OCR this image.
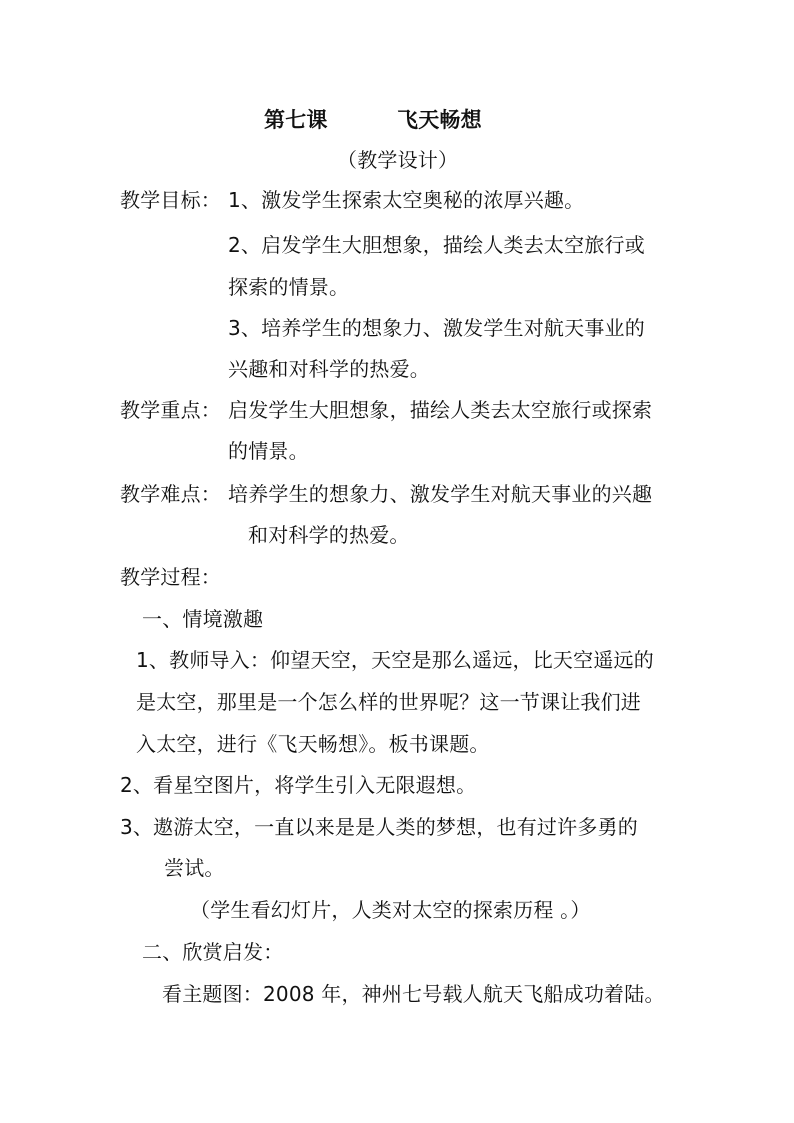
第七课	飞天畅想
（教学设计）
教学目标： 1、激发学生探索太空奥秘的浓厚兴趣。
2、启发学生大胆想象，描绘人类去太空旅行或
探索的情景。
3、培养学生的想象力、激发学生对航天事业的
兴趣和对科学的热爱。
教学重点： 启发学生大胆想象，描绘人类去太空旅行或探索
的情景。
教学难点： 培养学生的想象力、激发学生对航天事业的兴趣
和对科学的热爱。
教学过程：
一、情境激趣
1、教师导入：仰望天空，天空是那么遥远，比天空遥远的
是太空，那里是一个怎么样的世界呢？这一节课让我们进
入太空，进行《飞天畅想》。板书课题。
2、看星空图片，将学生引入无限遐想。
3、遨游太空，一直以来是是人类的梦想，也有过许多勇的
尝试。
（学生看幻灯片，人类对太空的探索历程 。）
二、欣赏启发：
看主题图：2008 年，神州七号载人航天飞船成功着陆。
